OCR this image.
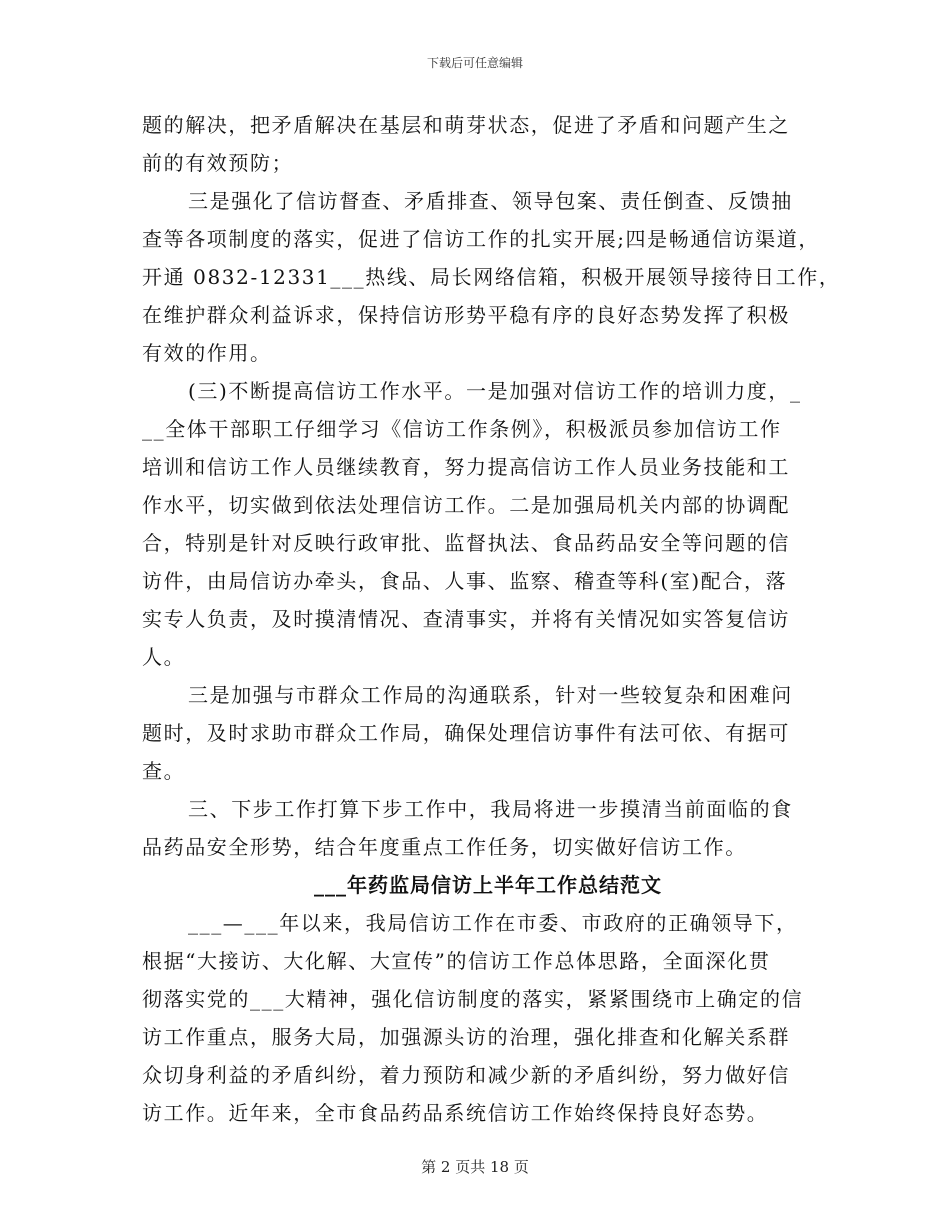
下载后可任意编辑
题的解决，把矛盾解决在基层和萌芽状态，促进了矛盾和问题产生之
前的有效预防；
三是强化了信访督查、矛盾排查、领导包案、责任倒查、反馈抽
查等各项制度的落实，促进了信访工作的扎实开展;四是畅通信访渠道，
开通 0832-12331___热线、局长网络信箱，积极开展领导接待日工作，
在维护群众利益诉求，保持信访形势平稳有序的良好态势发挥了积极
有效的作用。
(三)不断提高信访工作水平。一是加强对信访工作的培训力度，_
__全体干部职工仔细学习《信访工作条例》，积极派员参加信访工作
培训和信访工作人员继续教育，努力提高信访工作人员业务技能和工
作水平，切实做到依法处理信访工作。二是加强局机关内部的协调配
合，特别是针对反映行政审批、监督执法、食品药品安全等问题的信
访件，由局信访办牵头，食品、人事、监察、稽查等科(室)配合，落
实专人负责，及时摸清情况、查清事实，并将有关情况如实答复信访
人。
三是加强与市群众工作局的沟通联系，针对一些较复杂和困难问
题时，及时求助市群众工作局，确保处理信访事件有法可依、有据可
查。
三、下步工作打算下步工作中，我局将进一步摸清当前面临的食
品药品安全形势，结合年度重点工作任务，切实做好信访工作。
___年药监局信访上半年工作总结范文
___—___年以来，我局信访工作在市委、市政府的正确领导下，
根据“大接访、大化解、大宣传”的信访工作总体思路，全面深化贯
彻落实党的___大精神，强化信访制度的落实，紧紧围绕市上确定的信
访工作重点，服务大局，加强源头访的治理，强化排查和化解关系群
众切身利益的矛盾纠纷，着力预防和减少新的矛盾纠纷，努力做好信
访工作。近年来，全市食品药品系统信访工作始终保持良好态势。
第 2 页共 18 页
